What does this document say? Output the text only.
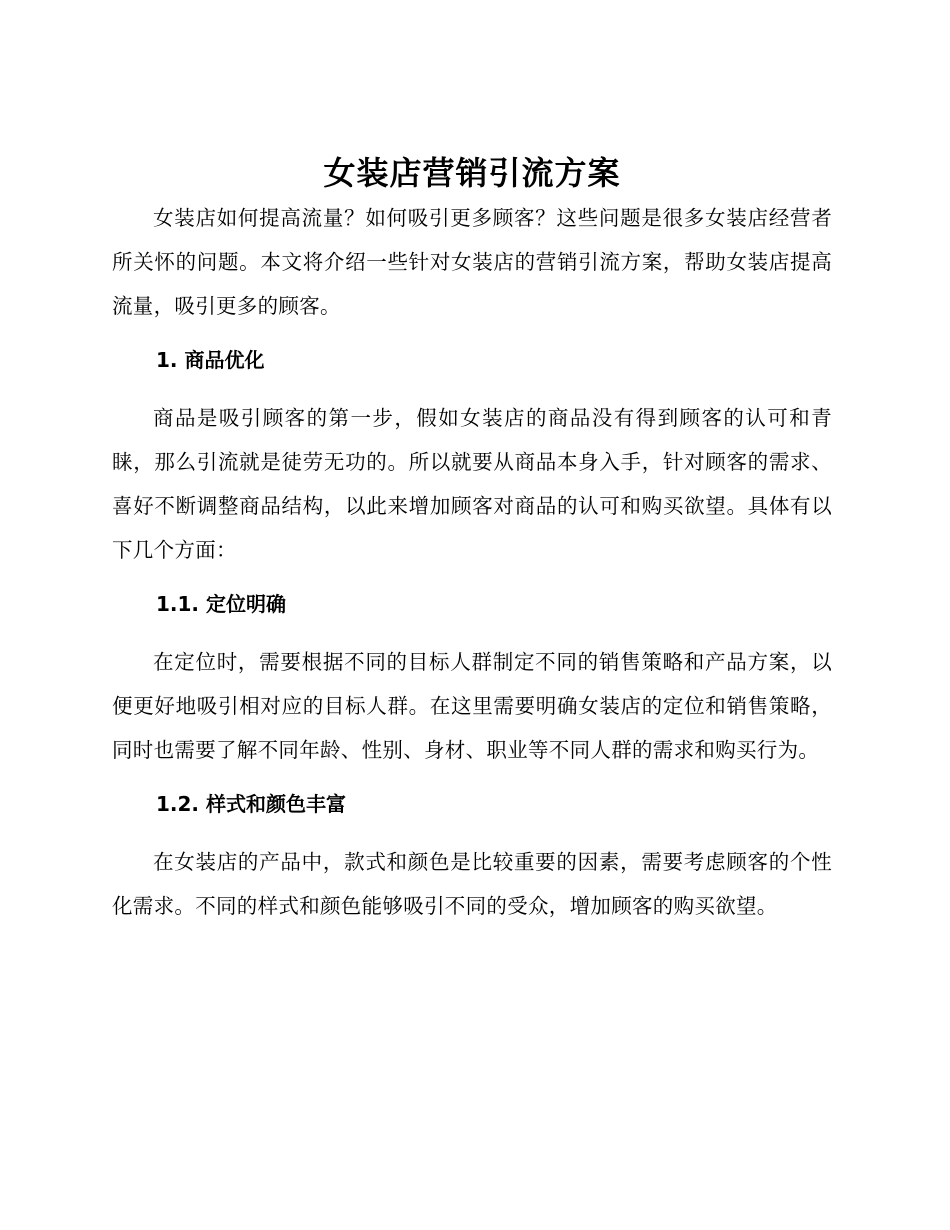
女装店营销引流方案

女装店如何提高流量？如何吸引更多顾客？这些问题是很多女装店经营者所关怀的问题。本文将介绍一些针对女装店的营销引流方案，帮助女装店提高流量，吸引更多的顾客。

1. 商品优化

商品是吸引顾客的第一步，假如女装店的商品没有得到顾客的认可和青睐，那么引流就是徒劳无功的。所以就要从商品本身入手，针对顾客的需求、喜好不断调整商品结构，以此来增加顾客对商品的认可和购买欲望。具体有以下几个方面：

1.1. 定位明确

在定位时，需要根据不同的目标人群制定不同的销售策略和产品方案，以便更好地吸引相对应的目标人群。在这里需要明确女装店的定位和销售策略，同时也需要了解不同年龄、性别、身材、职业等不同人群的需求和购买行为。

1.2. 样式和颜色丰富

在女装店的产品中，款式和颜色是比较重要的因素，需要考虑顾客的个性化需求。不同的样式和颜色能够吸引不同的受众，增加顾客的购买欲望。
